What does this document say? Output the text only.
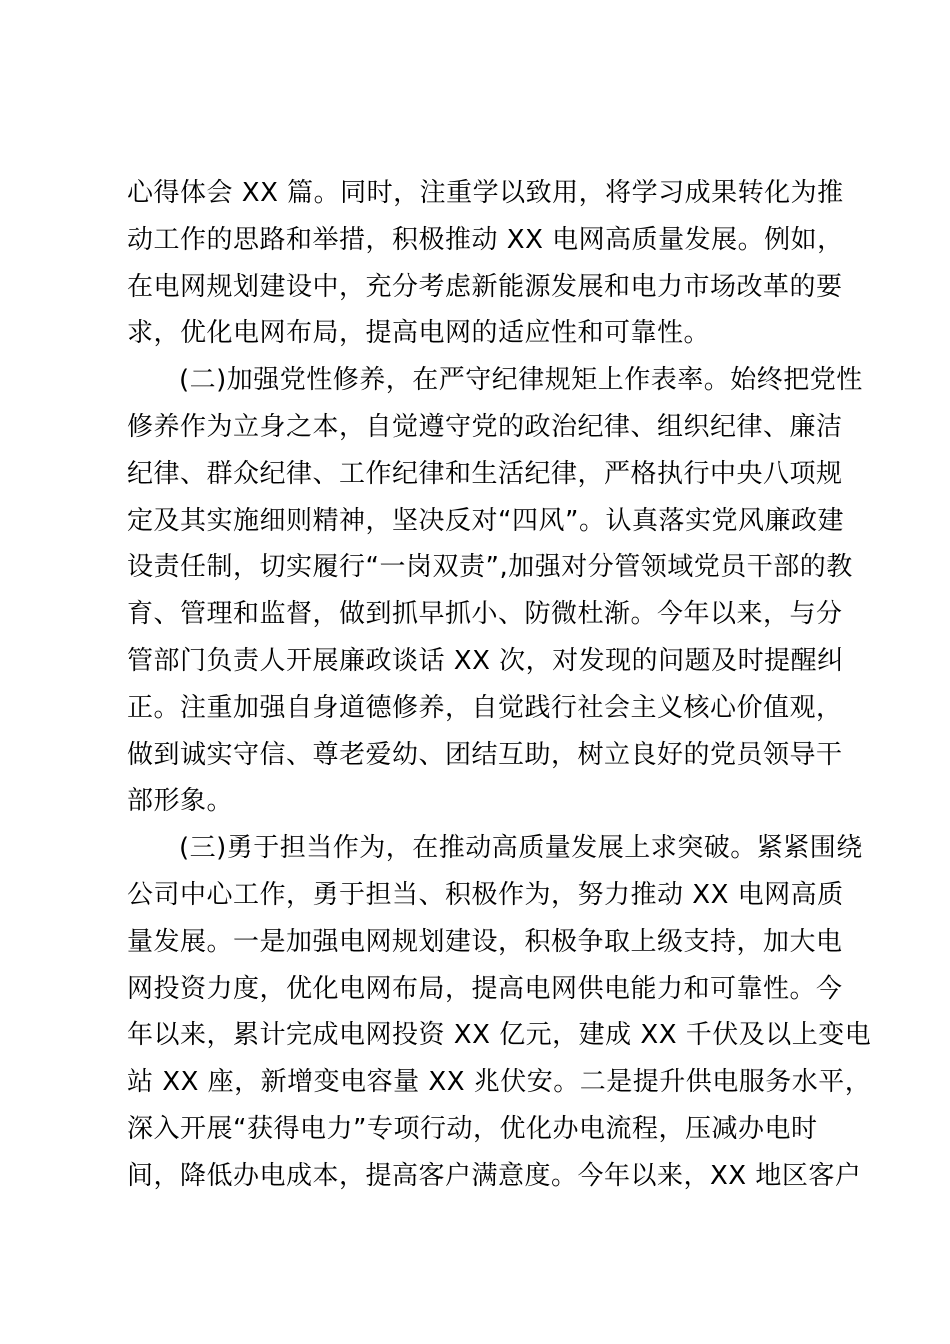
心得体会 XX 篇。同时，注重学以致用，将学习成果转化为推
动工作的思路和举措，积极推动 XX 电网高质量发展。例如，
在电网规划建设中，充分考虑新能源发展和电力市场改革的要
求，优化电网布局，提高电网的适应性和可靠性。
(二)加强党性修养，在严守纪律规矩上作表率。始终把党性
修养作为立身之本，自觉遵守党的政治纪律、组织纪律、廉洁
纪律、群众纪律、工作纪律和生活纪律，严格执行中央八项规
定及其实施细则精神，坚决反对“四风”。认真落实党风廉政建
设责任制，切实履行“一岗双责”,加强对分管领域党员干部的教
育、管理和监督，做到抓早抓小、防微杜渐。今年以来，与分
管部门负责人开展廉政谈话 XX 次，对发现的问题及时提醒纠
正。注重加强自身道德修养，自觉践行社会主义核心价值观，
做到诚实守信、尊老爱幼、团结互助，树立良好的党员领导干
部形象。
(三)勇于担当作为，在推动高质量发展上求突破。紧紧围绕
公司中心工作，勇于担当、积极作为，努力推动 XX 电网高质
量发展。一是加强电网规划建设，积极争取上级支持，加大电
网投资力度，优化电网布局，提高电网供电能力和可靠性。今
年以来，累计完成电网投资 XX 亿元，建成 XX 千伏及以上变电
站 XX 座，新增变电容量 XX 兆伏安。二是提升供电服务水平，
深入开展“获得电力”专项行动，优化办电流程，压减办电时
间，降低办电成本，提高客户满意度。今年以来，XX 地区客户
